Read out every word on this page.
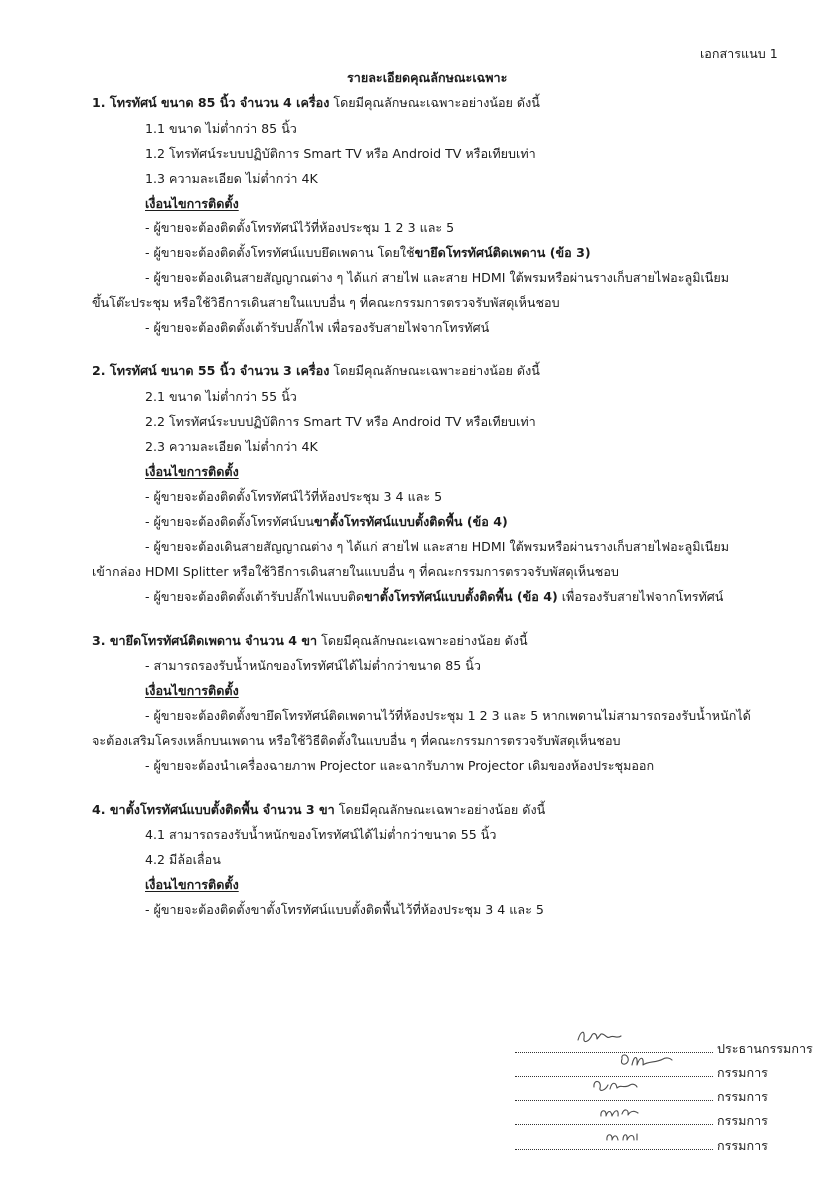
เอกสารแนบ 1
รายละเอียดคุณลักษณะเฉพาะ
1. โทรทัศน์ ขนาด 85 นิ้ว จำนวน 4 เครื่อง โดยมีคุณลักษณะเฉพาะอย่างน้อย ดังนี้
1.1 ขนาด ไม่ต่ำกว่า 85 นิ้ว
1.2 โทรทัศน์ระบบปฏิบัติการ Smart TV หรือ Android TV หรือเทียบเท่า
1.3 ความละเอียด ไม่ต่ำกว่า 4K
เงื่อนไขการติดตั้ง
- ผู้ขายจะต้องติดตั้งโทรทัศน์ไว้ที่ห้องประชุม 1 2 3 และ 5
- ผู้ขายจะต้องติดตั้งโทรทัศน์แบบยึดเพดาน โดยใช้ขายึดโทรทัศน์ติดเพดาน (ข้อ 3)
- ผู้ขายจะต้องเดินสายสัญญาณต่าง ๆ ได้แก่ สายไฟ และสาย HDMI ใต้พรมหรือผ่านรางเก็บสายไฟอะลูมิเนียม
ขึ้นโต๊ะประชุม หรือใช้วิธีการเดินสายในแบบอื่น ๆ ที่คณะกรรมการตรวจรับพัสดุเห็นชอบ
- ผู้ขายจะต้องติดตั้งเต้ารับปลั๊กไฟ เพื่อรองรับสายไฟจากโทรทัศน์
2. โทรทัศน์ ขนาด 55 นิ้ว จำนวน 3 เครื่อง โดยมีคุณลักษณะเฉพาะอย่างน้อย ดังนี้
2.1 ขนาด ไม่ต่ำกว่า 55 นิ้ว
2.2 โทรทัศน์ระบบปฏิบัติการ Smart TV หรือ Android TV หรือเทียบเท่า
2.3 ความละเอียด ไม่ต่ำกว่า 4K
เงื่อนไขการติดตั้ง
- ผู้ขายจะต้องติดตั้งโทรทัศน์ไว้ที่ห้องประชุม 3 4 และ 5
- ผู้ขายจะต้องติดตั้งโทรทัศน์บนขาตั้งโทรทัศน์แบบตั้งติดพื้น (ข้อ 4)
- ผู้ขายจะต้องเดินสายสัญญาณต่าง ๆ ได้แก่ สายไฟ และสาย HDMI ใต้พรมหรือผ่านรางเก็บสายไฟอะลูมิเนียม
เข้ากล่อง HDMI Splitter หรือใช้วิธีการเดินสายในแบบอื่น ๆ ที่คณะกรรมการตรวจรับพัสดุเห็นชอบ
- ผู้ขายจะต้องติดตั้งเต้ารับปลั๊กไฟแบบติดขาตั้งโทรทัศน์แบบตั้งติดพื้น (ข้อ 4) เพื่อรองรับสายไฟจากโทรทัศน์
3. ขายึดโทรทัศน์ติดเพดาน จำนวน 4 ขา โดยมีคุณลักษณะเฉพาะอย่างน้อย ดังนี้
- สามารถรองรับน้ำหนักของโทรทัศน์ได้ไม่ต่ำกว่าขนาด 85 นิ้ว
เงื่อนไขการติดตั้ง
- ผู้ขายจะต้องติดตั้งขายึดโทรทัศน์ติดเพดานไว้ที่ห้องประชุม 1 2 3 และ 5 หากเพดานไม่สามารถรองรับน้ำหนักได้
จะต้องเสริมโครงเหล็กบนเพดาน หรือใช้วิธีติดตั้งในแบบอื่น ๆ ที่คณะกรรมการตรวจรับพัสดุเห็นชอบ
- ผู้ขายจะต้องนำเครื่องฉายภาพ Projector และฉากรับภาพ Projector เดิมของห้องประชุมออก
4. ขาตั้งโทรทัศน์แบบตั้งติดพื้น จำนวน 3 ขา โดยมีคุณลักษณะเฉพาะอย่างน้อย ดังนี้
4.1 สามารถรองรับน้ำหนักของโทรทัศน์ได้ไม่ต่ำกว่าขนาด 55 นิ้ว
4.2 มีล้อเลื่อน
เงื่อนไขการติดตั้ง
- ผู้ขายจะต้องติดตั้งขาตั้งโทรทัศน์แบบตั้งติดพื้นไว้ที่ห้องประชุม 3 4 และ 5
ประธานกรรมการ
กรรมการ
กรรมการ
กรรมการ
กรรมการ
